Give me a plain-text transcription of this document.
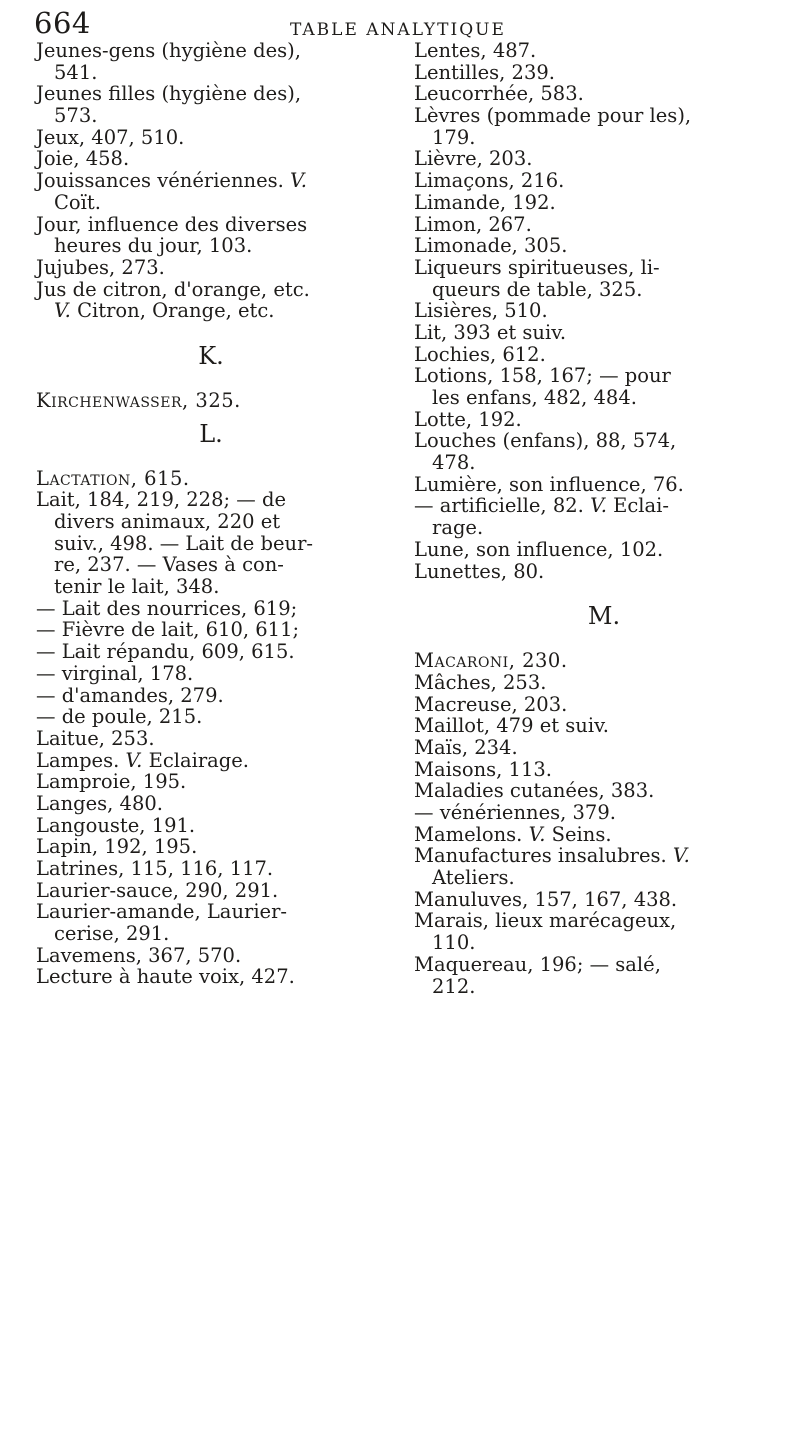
664	TABLE ANALYTIQUE
Jeunes-gens (hygiène des),
541.
Jeunes filles (hygiène des),
573.
Jeux, 407, 510.
Joie, 458.
Jouissances vénériennes. V.
Coït.
Jour, influence des diverses
heures du jour, 103.
Jujubes, 273.
Jus de citron, d'orange, etc.
V. Citron, Orange, etc.
K.
Kirchenwasser, 325.
L.
Lactation, 615.
Lait, 184, 219, 228; — de
divers animaux, 220 et
suiv., 498. — Lait de beur-
re, 237. — Vases à con-
tenir le lait, 348.
— Lait des nourrices, 619;
— Fièvre de lait, 610, 611;
— Lait répandu, 609, 615.
— virginal, 178.
— d'amandes, 279.
— de poule, 215.
Laitue, 253.
Lampes. V. Eclairage.
Lamproie, 195.
Langes, 480.
Langouste, 191.
Lapin, 192, 195.
Latrines, 115, 116, 117.
Laurier-sauce, 290, 291.
Laurier-amande, Laurier-
cerise, 291.
Lavemens, 367, 570.
Lecture à haute voix, 427.
Lentes, 487.
Lentilles, 239.
Leucorrhée, 583.
Lèvres (pommade pour les),
179.
Lièvre, 203.
Limaçons, 216.
Limande, 192.
Limon, 267.
Limonade, 305.
Liqueurs spiritueuses, li-
queurs de table, 325.
Lisières, 510.
Lit, 393 et suiv.
Lochies, 612.
Lotions, 158, 167; — pour
les enfans, 482, 484.
Lotte, 192.
Louches (enfans), 88, 574,
478.
Lumière, son influence, 76.
— artificielle, 82. V. Eclai-
rage.
Lune, son influence, 102.
Lunettes, 80.
M.
Macaroni, 230.
Mâches, 253.
Macreuse, 203.
Maillot, 479 et suiv.
Maïs, 234.
Maisons, 113.
Maladies cutanées, 383.
— vénériennes, 379.
Mamelons. V. Seins.
Manufactures insalubres. V.
Ateliers.
Manuluves, 157, 167, 438.
Marais, lieux marécageux,
110.
Maquereau, 196; — salé,
212.
